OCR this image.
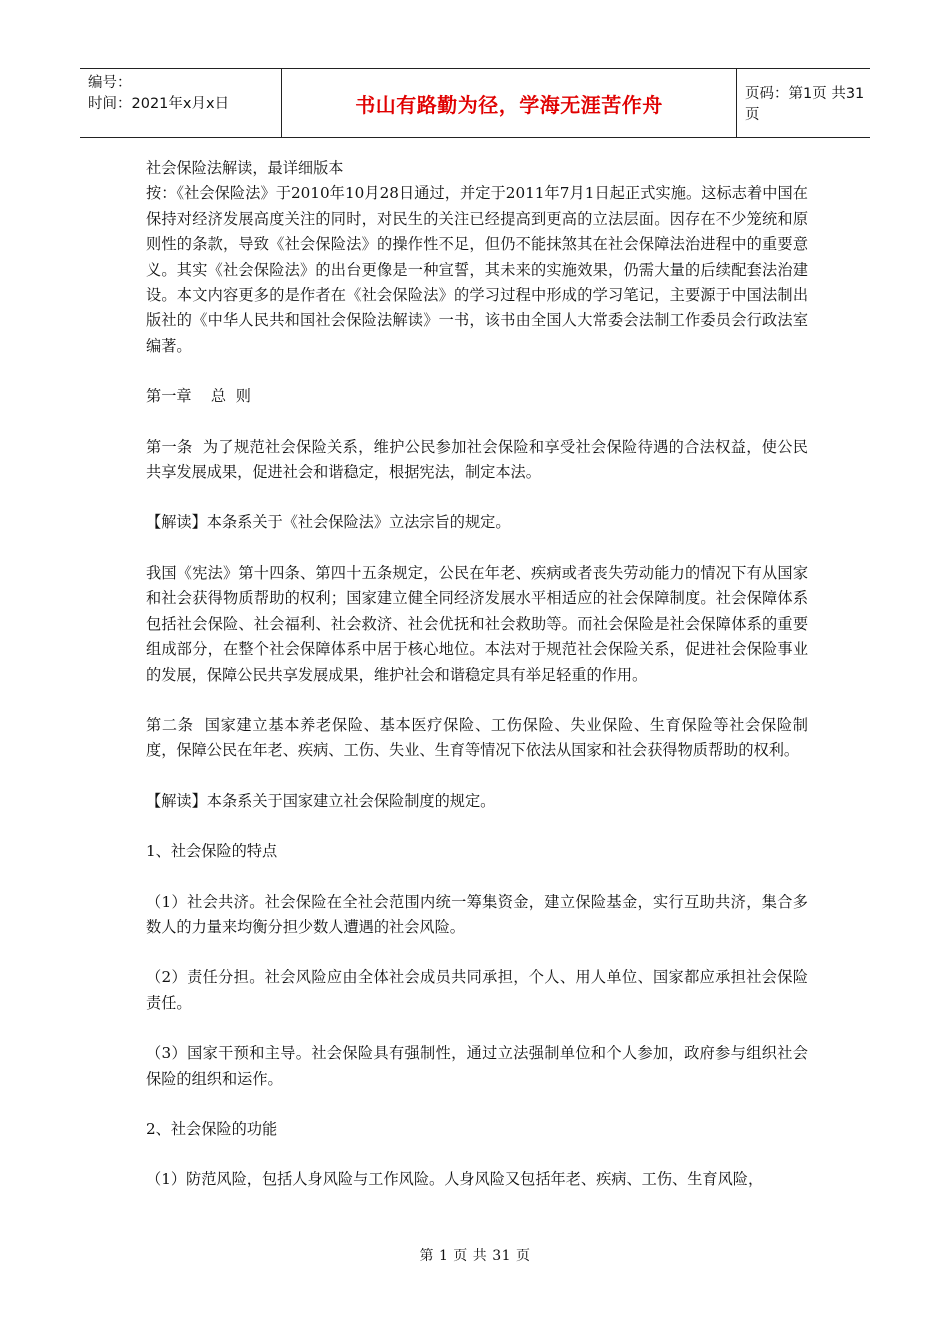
编号：
时间：2021年x月x日	书山有路勤为径，学海无涯苦作舟	页码：第1页 共31页

社会保险法解读，最详细版本

按：《社会保险法》于2010年10月28日通过，并定于2011年7月1日起正式实施。这标志着中国在保持对经济发展高度关注的同时，对民生的关注已经提高到更高的立法层面。因存在不少笼统和原则性的条款，导致《社会保险法》的操作性不足，但仍不能抹煞其在社会保障法治进程中的重要意义。其实《社会保险法》的出台更像是一种宣誓，其未来的实施效果，仍需大量的后续配套法治建设。本文内容更多的是作者在《社会保险法》的学习过程中形成的学习笔记，主要源于中国法制出版社的《中华人民共和国社会保险法解读》一书，该书由全国人大常委会法制工作委员会行政法室编著。

第一章    总  则

第一条  为了规范社会保险关系，维护公民参加社会保险和享受社会保险待遇的合法权益，使公民共享发展成果，促进社会和谐稳定，根据宪法，制定本法。

【解读】本条系关于《社会保险法》立法宗旨的规定。

我国《宪法》第十四条、第四十五条规定，公民在年老、疾病或者丧失劳动能力的情况下有从国家和社会获得物质帮助的权利；国家建立健全同经济发展水平相适应的社会保障制度。社会保障体系包括社会保险、社会福利、社会救济、社会优抚和社会救助等。而社会保险是社会保障体系的重要组成部分，在整个社会保障体系中居于核心地位。本法对于规范社会保险关系，促进社会保险事业的发展，保障公民共享发展成果，维护社会和谐稳定具有举足轻重的作用。

第二条  国家建立基本养老保险、基本医疗保险、工伤保险、失业保险、生育保险等社会保险制度，保障公民在年老、疾病、工伤、失业、生育等情况下依法从国家和社会获得物质帮助的权利。

【解读】本条系关于国家建立社会保险制度的规定。

1、社会保险的特点

（1）社会共济。社会保险在全社会范围内统一筹集资金，建立保险基金，实行互助共济，集合多数人的力量来均衡分担少数人遭遇的社会风险。

（2）责任分担。社会风险应由全体社会成员共同承担，个人、用人单位、国家都应承担社会保险责任。

（3）国家干预和主导。社会保险具有强制性，通过立法强制单位和个人参加，政府参与组织社会保险的组织和运作。

2、社会保险的功能

（1）防范风险，包括人身风险与工作风险。人身风险又包括年老、疾病、工伤、生育风险，

第 1 页 共 31 页
